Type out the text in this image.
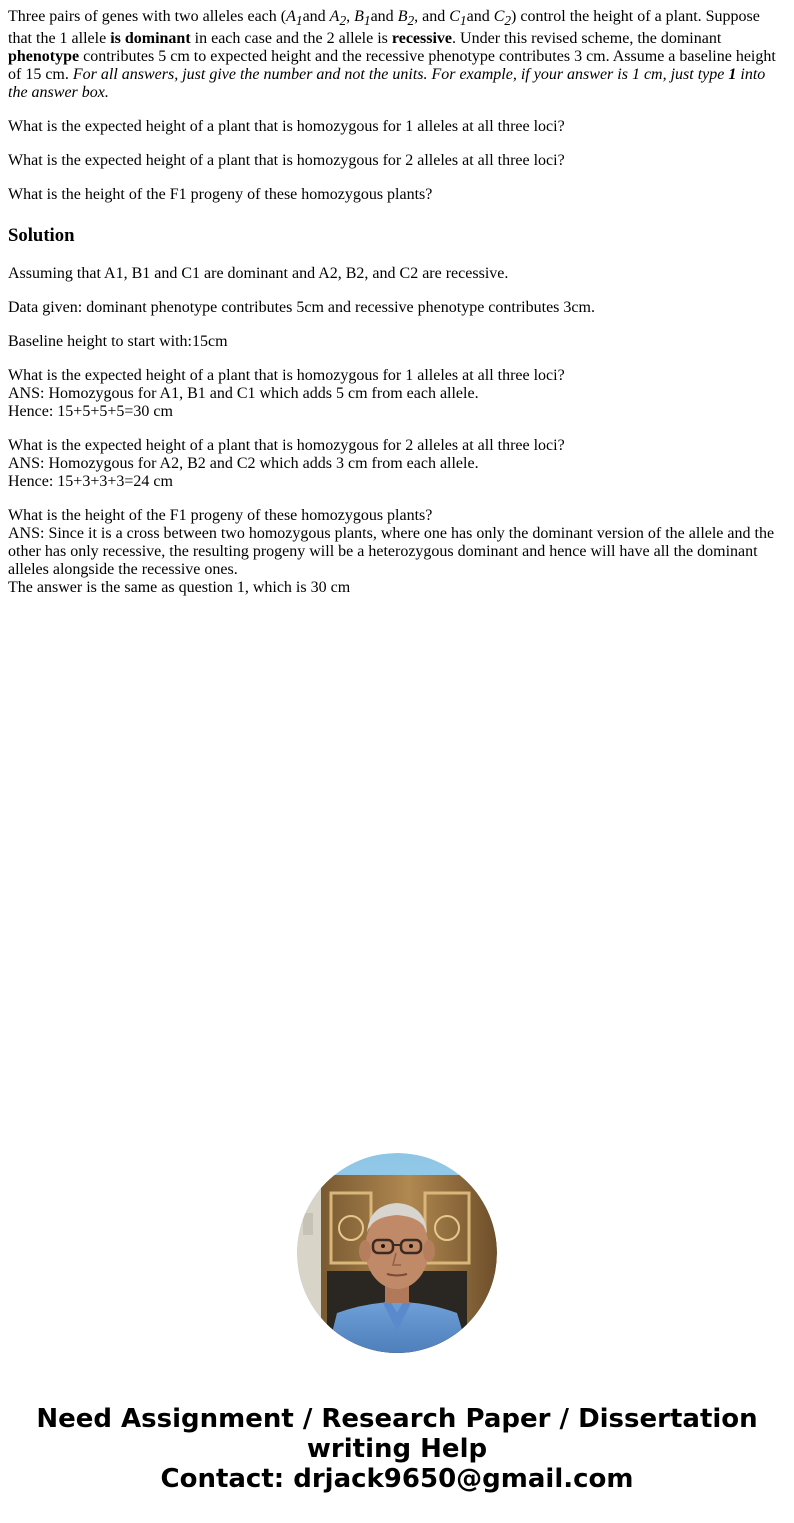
Three pairs of genes with two alleles each ($A_1and$ $A_2$, $B_1and$ $B_2$, and $C_1and$ $C_2$) control the height of a plant. Suppose that the 1 allele is dominant in each case and the 2 allele is recessive. Under this revised scheme, the dominant phenotype contributes 5 cm to expected height and the recessive phenotype contributes 3 cm. Assume a baseline height of 15 cm. For all answers, just give the number and not the units. For example, if your answer is 1 cm, just type 1 into the answer box.

What is the expected height of a plant that is homozygous for 1 alleles at all three loci?

What is the expected height of a plant that is homozygous for 2 alleles at all three loci?

What is the height of the F1 progeny of these homozygous plants?

Solution

Assuming that A1, B1 and C1 are dominant and A2, B2, and C2 are recessive.

Data given: dominant phenotype contributes 5cm and recessive phenotype contributes 3cm.

Baseline height to start with:15cm

What is the expected height of a plant that is homozygous for 1 alleles at all three loci?
ANS: Homozygous for A1, B1 and C1 which adds 5 cm from each allele.
Hence: 15+5+5+5=30 cm

What is the expected height of a plant that is homozygous for 2 alleles at all three loci?
ANS: Homozygous for A2, B2 and C2 which adds 3 cm from each allele.
Hence: 15+3+3+3=24 cm

What is the height of the F1 progeny of these homozygous plants?
ANS: Since it is a cross between two homozygous plants, where one has only the dominant version of the allele and the other has only recessive, the resulting progeny will be a heterozygous dominant and hence will have all the dominant alleles alongside the recessive ones.
The answer is the same as question 1, which is 30 cm

Need Assignment / Research Paper / Dissertation
writing Help
Contact: drjack9650@gmail.com
